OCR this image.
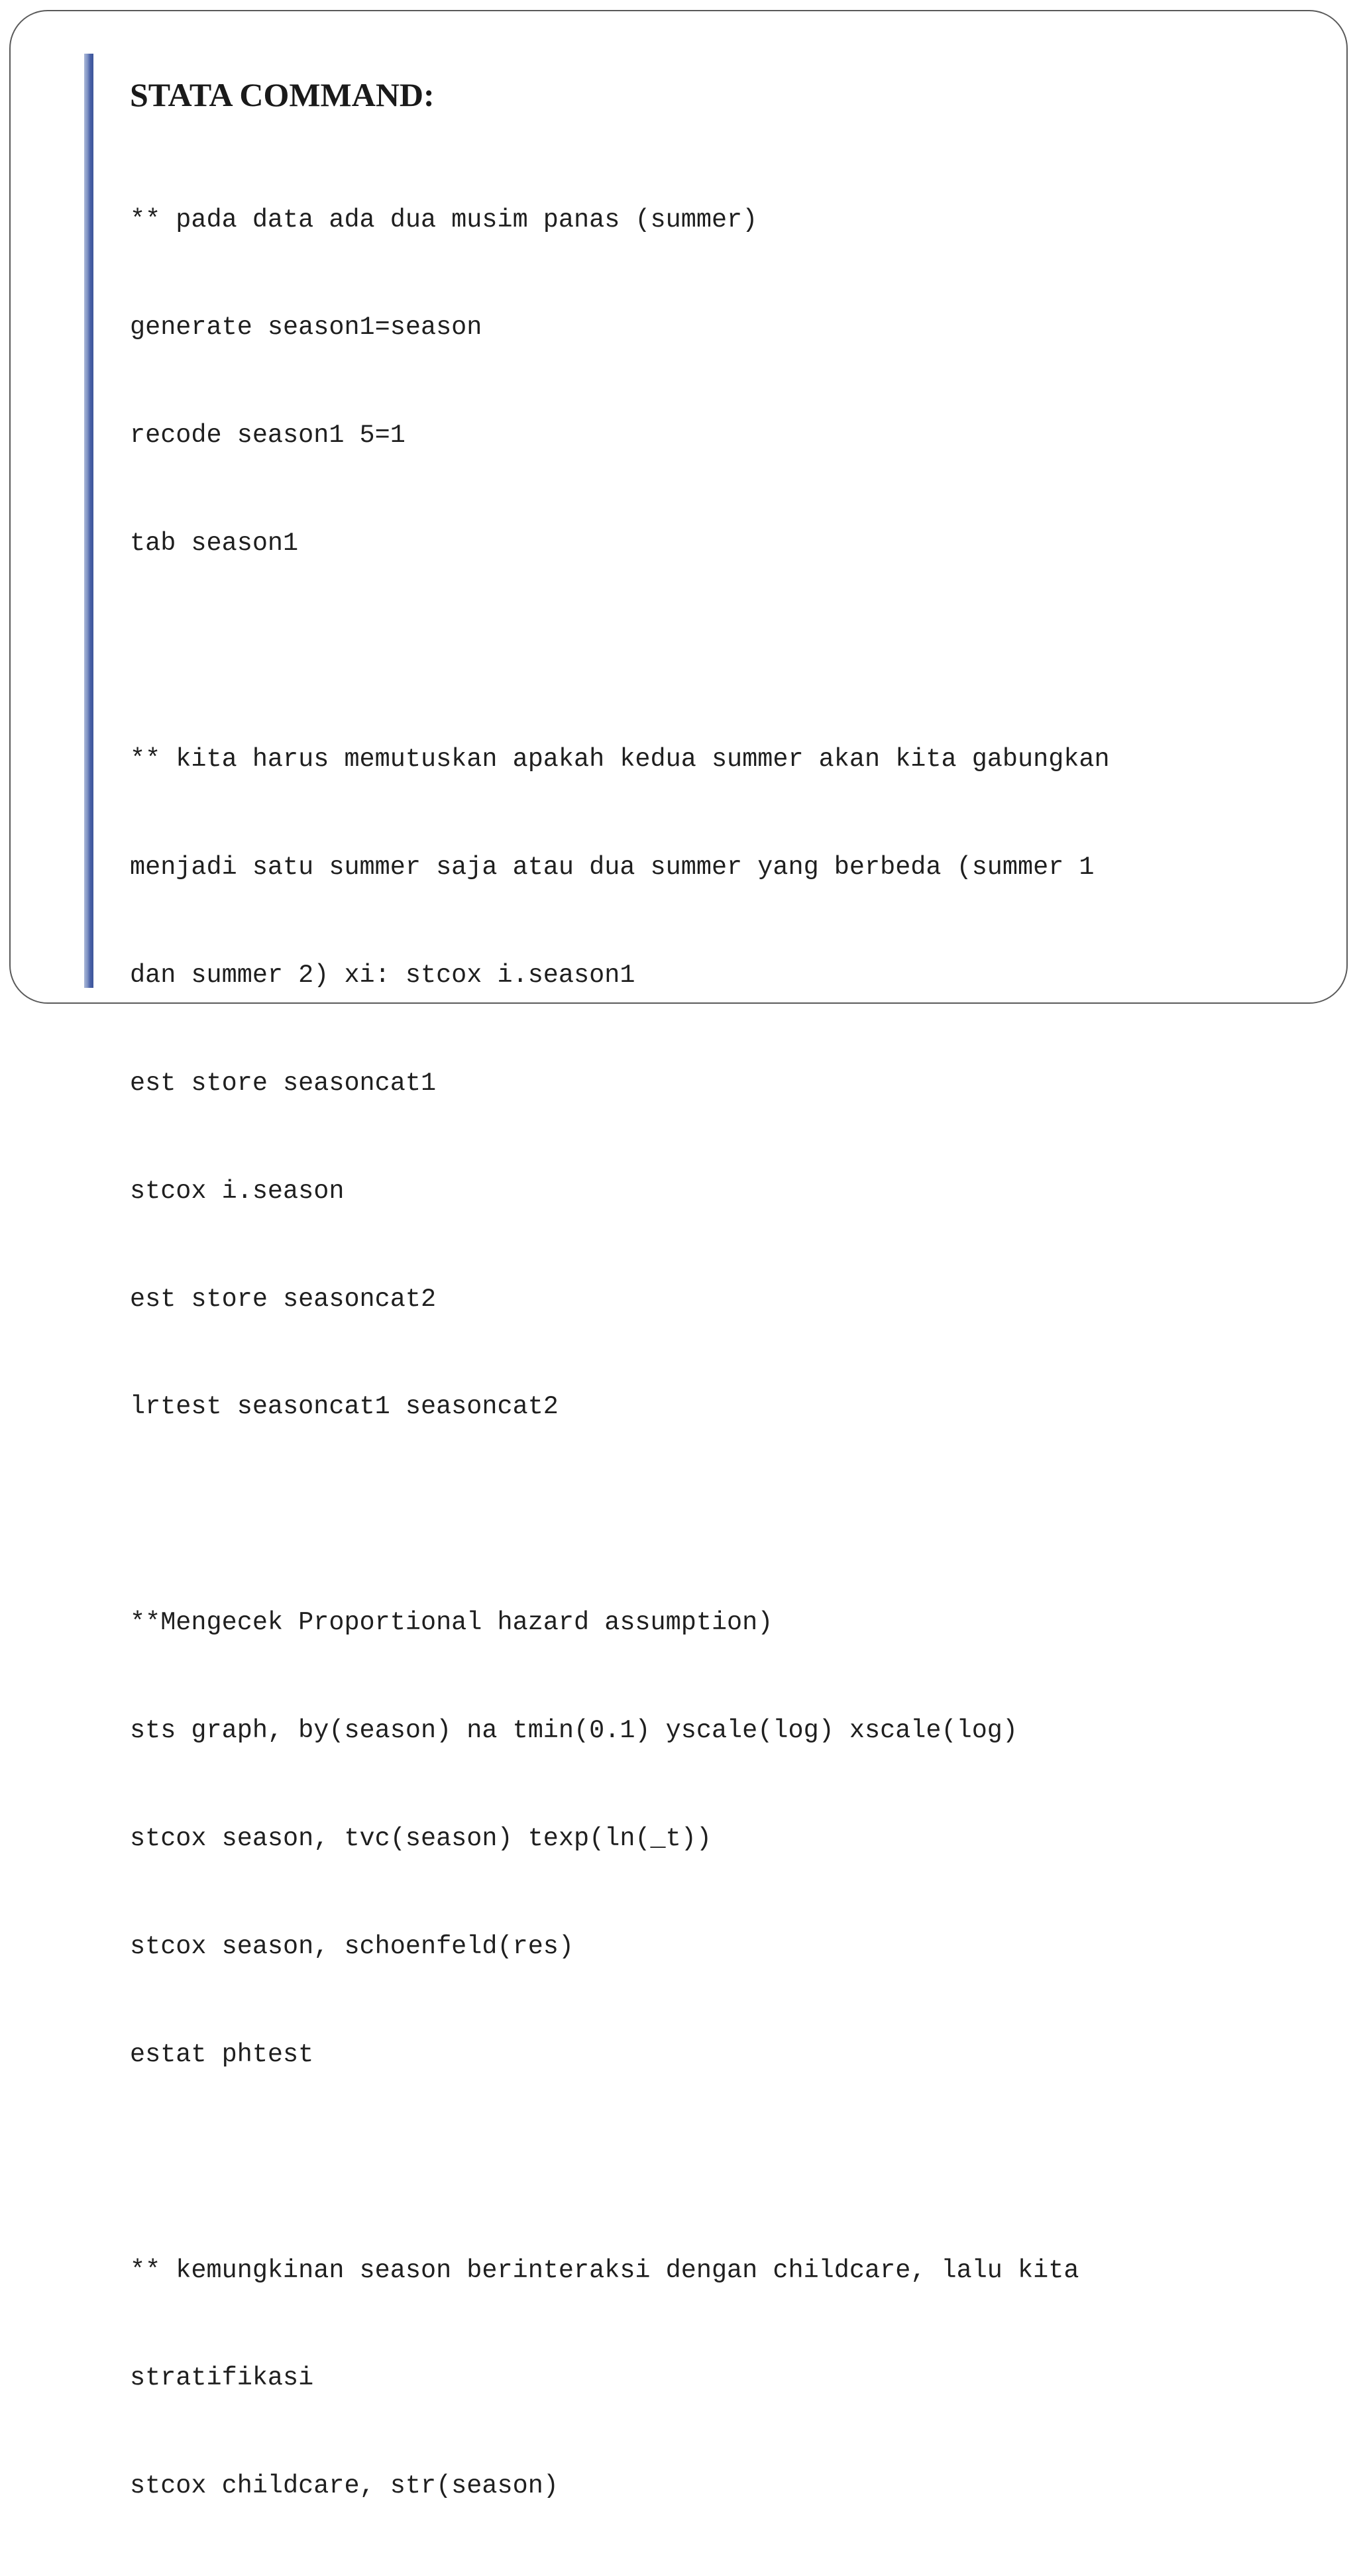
STATA COMMAND:

** pada data ada dua musim panas (summer)

generate season1=season

recode season1 5=1

tab season1

** kita harus memutuskan apakah kedua summer akan kita gabungkan

menjadi satu summer saja atau dua summer yang berbeda (summer 1

dan summer 2) xi: stcox i.season1

est store seasoncat1

stcox i.season

est store seasoncat2

lrtest seasoncat1 seasoncat2

**Mengecek Proportional hazard assumption)

sts graph, by(season) na tmin(0.1) yscale(log) xscale(log)

stcox season, tvc(season) texp(ln(_t))

stcox season, schoenfeld(res)

estat phtest

** kemungkinan season berinteraksi dengan childcare, lalu kita

stratifikasi

stcox childcare, str(season)
